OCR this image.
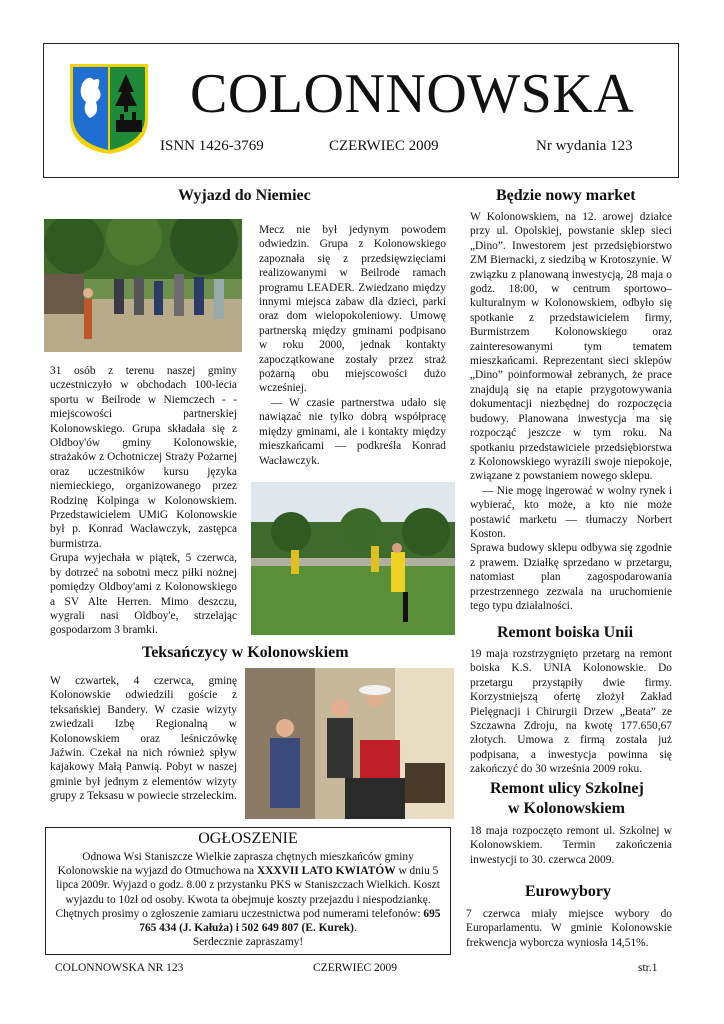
COLONNOWSKA
ISNN 1426-3769	CZERWIEC 2009	Nr wydania 123
Wyjazd do Niemiec

31 osób z terenu naszej gminy uczestniczyło w obchodach 100-lecia sportu w Beilrode w Niemczech - - miejscowości partnerskiej Kolonowskiego. Grupa składała się z Oldboy'ów gminy Kolonowskie, strażaków z Ochotniczej Straży Pożarnej oraz uczestników kursu języka niemieckiego, organizowanego przez Rodzinę Kolpinga w Kolonowskiem. Przedstawicielem UMiG Kolonowskie był p. Konrad Wacławczyk, zastępca burmistrza.

Grupa wyjechała w piątek, 5 czerwca, by dotrzeć na sobotni mecz piłki nożnej pomiędzy Oldboy'ami z Kolonowskiego a SV Alte Herren. Mimo deszczu, wygrali nasi Oldboy'e, strzelając gospodarzom 3 bramki.

Mecz nie był jedynym powodem odwiedzin. Grupa z Kolonowskiego zapoznała się z przedsięwzięciami realizowanymi w Beilrode ramach programu LEADER. Zwiedzano między innymi miejsca zabaw dla dzieci, parki oraz dom wielopokoleniowy. Umowę partnerską między gminami podpisano w roku 2000, jednak kontakty zapoczątkowane zostały przez straż pożarną obu miejscowości dużo wcześniej.

— W czasie partnerstwa udało się nawiązać nie tylko dobrą współpracę między gminami, ale i kontakty między mieszkańcami — podkreśla Konrad Wacławczyk.

Teksańczycy w Kolonowskiem

W czwartek, 4 czerwca, gminę Kolonowskie odwiedzili goście z teksańskiej Bandery. W czasie wizyty zwiedzali Izbę Regionalną w Kolonowskiem oraz leśniczówkę Jaźwin. Czekał na nich również spływ kajakowy Małą Panwią. Pobyt w naszej gminie był jednym z elementów wizyty grupy z Teksasu w powiecie strzeleckim.

Będzie nowy market

W Kolonowskiem, na 12. arowej działce przy ul. Opolskiej, powstanie sklep sieci „Dino”. Inwestorem jest przedsiębiorstwo ZM Biernacki, z siedzibą w Krotoszynie. W związku z planowaną inwestycją, 28 maja o godz. 18:00, w centrum sportowo–kulturalnym w Kolonowskiem, odbyło się spotkanie z przedstawicielem firmy, Burmistrzem Kolonowskiego oraz zainteresowanymi tym tematem mieszkańcami. Reprezentant sieci sklepów „Dino” poinformował zebranych, że prace znajdują się na etapie przygotowywania dokumentacji niezbędnej do rozpoczęcia budowy. Planowana inwestycja ma się rozpocząć jeszcze w tym roku. Na spotkaniu przedstawiciele przedsiębiorstwa z Kolonowskiego wyrazili swoje niepokoje, związane z powstaniem nowego sklepu.

— Nie mogę ingerować w wolny rynek i wybierać, kto może, a kto nie może postawić marketu — tłumaczy Norbert Koston.

Sprawa budowy sklepu odbywa się zgodnie z prawem. Działkę sprzedano w przetargu, natomiast plan zagospodarowania przestrzennego zezwala na uruchomienie tego typu działalności.

Remont boiska Unii

19 maja rozstrzygnięto przetarg na remont boiska K.S. UNIA Kolonowskie. Do przetargu przystąpiły dwie firmy. Korzystniejszą ofertę złożył Zakład Pielęgnacji i Chirurgii Drzew „Beata” ze Szczawna Zdroju, na kwotę 177.650,67 złotych. Umowa z firmą została już podpisana, a inwestycja powinna się zakończyć do 30 września 2009 roku.

Remont ulicy Szkolnej
w Kolonowskiem

18 maja rozpoczęto remont ul. Szkolnej w Kolonowskiem. Termin zakończenia inwestycji to 30. czerwca 2009.

Eurowybory

7 czerwca miały miejsce wybory do Europarlamentu. W gminie Kolonowskie frekwencja wyborcza wyniosła 14,51%.

OGŁOSZENIE
Odnowa Wsi Staniszcze Wielkie zaprasza chętnych mieszkańców gminy Kolonowskie na wyjazd do Otmuchowa na XXXVII LATO KWIATÓW w dniu 5 lipca 2009r. Wyjazd o godz. 8.00 z przystanku PKS w Staniszczach Wielkich. Koszt wyjazdu to 10zł od osoby. Kwota ta obejmuje koszty przejazdu i niespodziankę. Chętnych prosimy o zgłoszenie zamiaru uczestnictwa pod numerami telefonów: 695 765 434 (J. Kałuża) i 502 649 807 (E. Kurek).
Serdecznie zapraszamy!
COLONNOWSKA NR 123	CZERWIEC 2009	str.1
